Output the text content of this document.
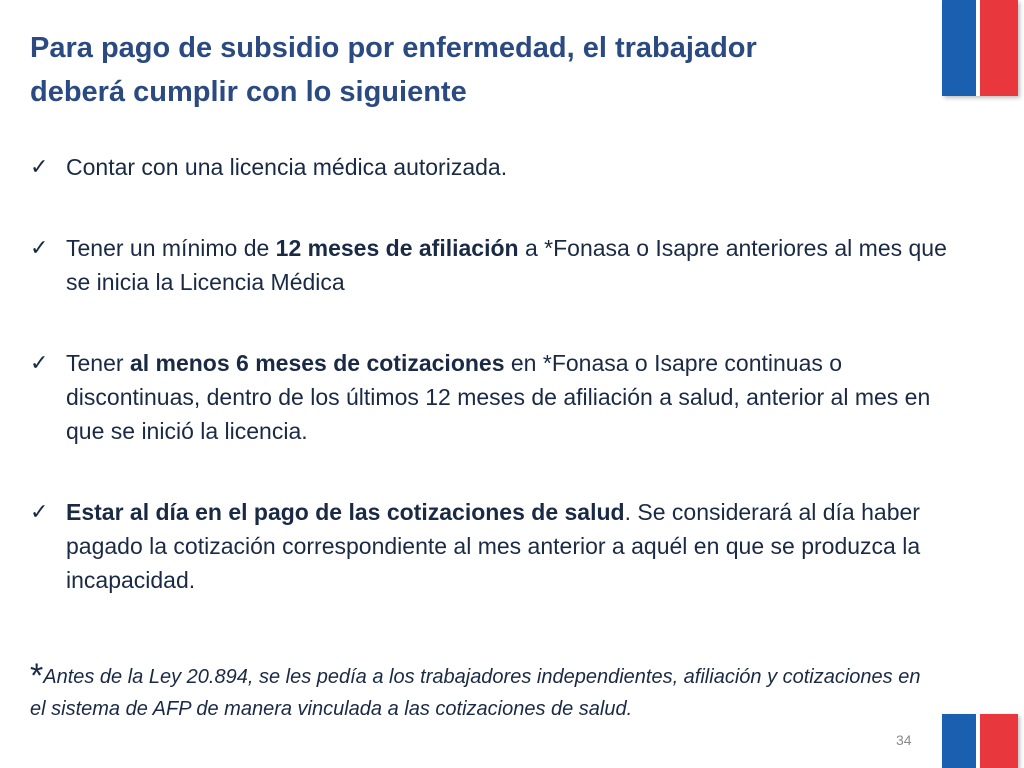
Para pago de subsidio por enfermedad, el trabajador
deberá cumplir con lo siguiente
✓ Contar con una licencia médica autorizada.
✓ Tener un mínimo de 12 meses de afiliación a *Fonasa o Isapre anteriores al mes que se inicia la Licencia Médica
✓ Tener al menos 6 meses de cotizaciones en *Fonasa o Isapre continuas o discontinuas, dentro de los últimos 12 meses de afiliación a salud, anterior al mes en que se inició la licencia.
✓ Estar al día en el pago de las cotizaciones de salud. Se considerará al día haber pagado la cotización correspondiente al mes anterior a aquél en que se produzca la incapacidad.

*Antes de la Ley 20.894, se les pedía a los trabajadores independientes, afiliación y cotizaciones en el sistema de AFP de manera vinculada a las cotizaciones de salud.

34
